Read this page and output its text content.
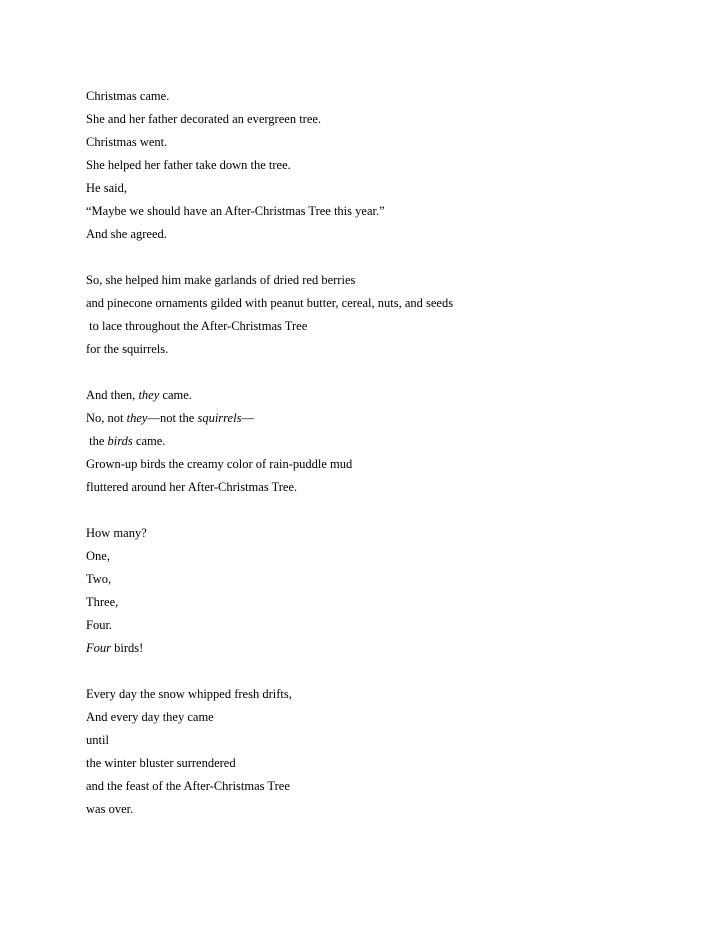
Christmas came.
She and her father decorated an evergreen tree.
Christmas went.
She helped her father take down the tree.
He said,
“Maybe we should have an After-Christmas Tree this year.”
And she agreed.
So, she helped him make garlands of dried red berries
and pinecone ornaments gilded with peanut butter, cereal, nuts, and seeds
to lace throughout the After-Christmas Tree
for the squirrels.
And then, they came.
No, not they—not the squirrels—
the birds came.
Grown-up birds the creamy color of rain-puddle mud
fluttered around her After-Christmas Tree.
How many?
One,
Two,
Three,
Four.
Four birds!
Every day the snow whipped fresh drifts,
And every day they came
until
the winter bluster surrendered
and the feast of the After-Christmas Tree
was over.
